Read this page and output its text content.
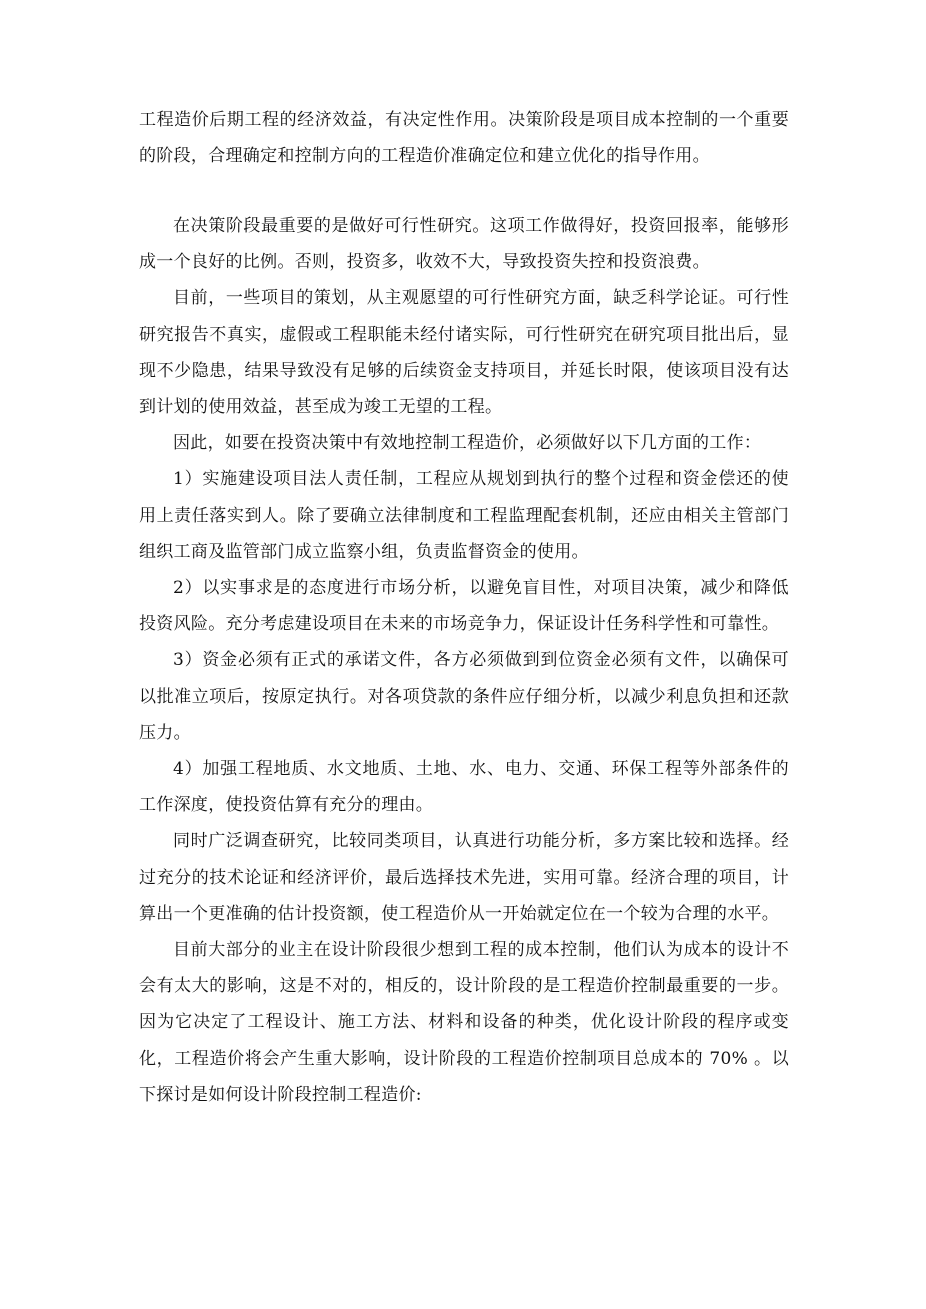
工程造价后期工程的经济效益，有决定性作用。决策阶段是项目成本控制的一个重要的阶段，合理确定和控制方向的工程造价准确定位和建立优化的指导作用。

在决策阶段最重要的是做好可行性研究。这项工作做得好，投资回报率，能够形成一个良好的比例。否则，投资多，收效不大，导致投资失控和投资浪费。

目前，一些项目的策划，从主观愿望的可行性研究方面，缺乏科学论证。可行性研究报告不真实，虚假或工程职能未经付诸实际，可行性研究在研究项目批出后，显现不少隐患，结果导致没有足够的后续资金支持项目，并延长时限，使该项目没有达到计划的使用效益，甚至成为竣工无望的工程。

因此，如要在投资决策中有效地控制工程造价，必须做好以下几方面的工作：

1）实施建设项目法人责任制，工程应从规划到执行的整个过程和资金偿还的使用上责任落实到人。除了要确立法律制度和工程监理配套机制，还应由相关主管部门组织工商及监管部门成立监察小组，负责监督资金的使用。

2）以实事求是的态度进行市场分析，以避免盲目性，对项目决策，减少和降低投资风险。充分考虑建设项目在未来的市场竞争力，保证设计任务科学性和可靠性。

3）资金必须有正式的承诺文件，各方必须做到到位资金必须有文件，以确保可以批准立项后，按原定执行。对各项贷款的条件应仔细分析，以减少利息负担和还款压力。

4）加强工程地质、水文地质、土地、水、电力、交通、环保工程等外部条件的工作深度，使投资估算有充分的理由。

同时广泛调查研究，比较同类项目，认真进行功能分析，多方案比较和选择。经过充分的技术论证和经济评价，最后选择技术先进，实用可靠。经济合理的项目，计算出一个更准确的估计投资额，使工程造价从一开始就定位在一个较为合理的水平。

目前大部分的业主在设计阶段很少想到工程的成本控制，他们认为成本的设计不会有太大的影响，这是不对的，相反的，设计阶段的是工程造价控制最重要的一步。因为它决定了工程设计、施工方法、材料和设备的种类，优化设计阶段的程序或变化，工程造价将会产生重大影响，设计阶段的工程造价控制项目总成本的 70% 。以下探讨是如何设计阶段控制工程造价:
